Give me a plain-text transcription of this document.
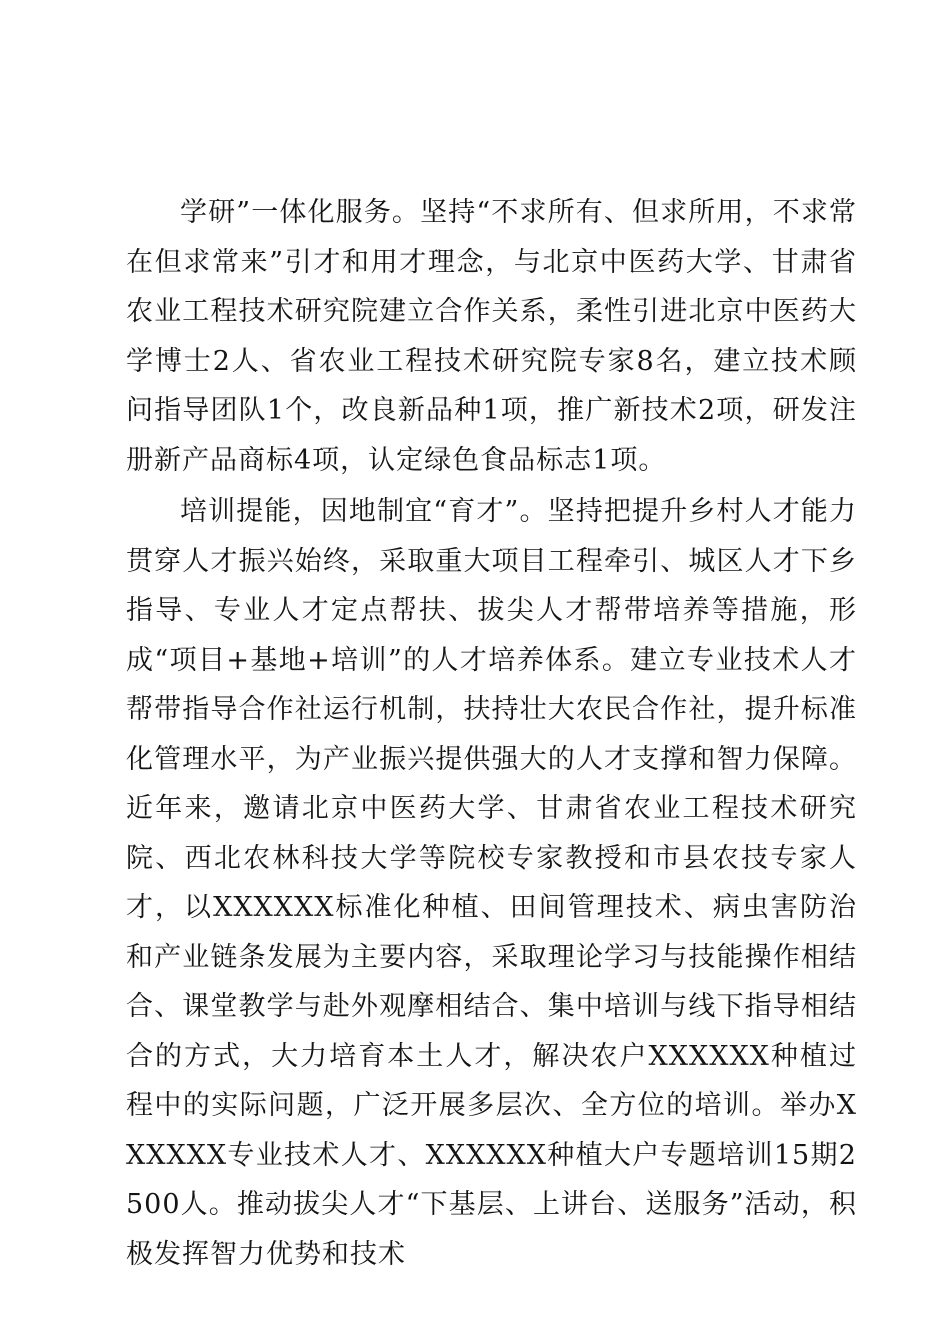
学研”一体化服务。坚持“不求所有、但求所用，不求常在但求常来”引才和用才理念，与北京中医药大学、甘肃省农业工程技术研究院建立合作关系，柔性引进北京中医药大学博士2人、省农业工程技术研究院专家8名，建立技术顾问指导团队1个，改良新品种1项，推广新技术2项，研发注册新产品商标4项，认定绿色食品标志1项。

培训提能，因地制宜“育才”。坚持把提升乡村人才能力贯穿人才振兴始终，采取重大项目工程牵引、城区人才下乡指导、专业人才定点帮扶、拔尖人才帮带培养等措施，形成“项目+基地+培训”的人才培养体系。建立专业技术人才帮带指导合作社运行机制，扶持壮大农民合作社，提升标准化管理水平，为产业振兴提供强大的人才支撑和智力保障。近年来，邀请北京中医药大学、甘肃省农业工程技术研究院、西北农林科技大学等院校专家教授和市县农技专家人才，以XXXXXX标准化种植、田间管理技术、病虫害防治和产业链条发展为主要内容，采取理论学习与技能操作相结合、课堂教学与赴外观摩相结合、集中培训与线下指导相结合的方式，大力培育本土人才，解决农户XXXXXX种植过程中的实际问题，广泛开展多层次、全方位的培训。举办XXXXXX专业技术人才、XXXXXX种植大户专题培训15期2500人。推动拔尖人才“下基层、上讲台、送服务”活动，积极发挥智力优势和技术
